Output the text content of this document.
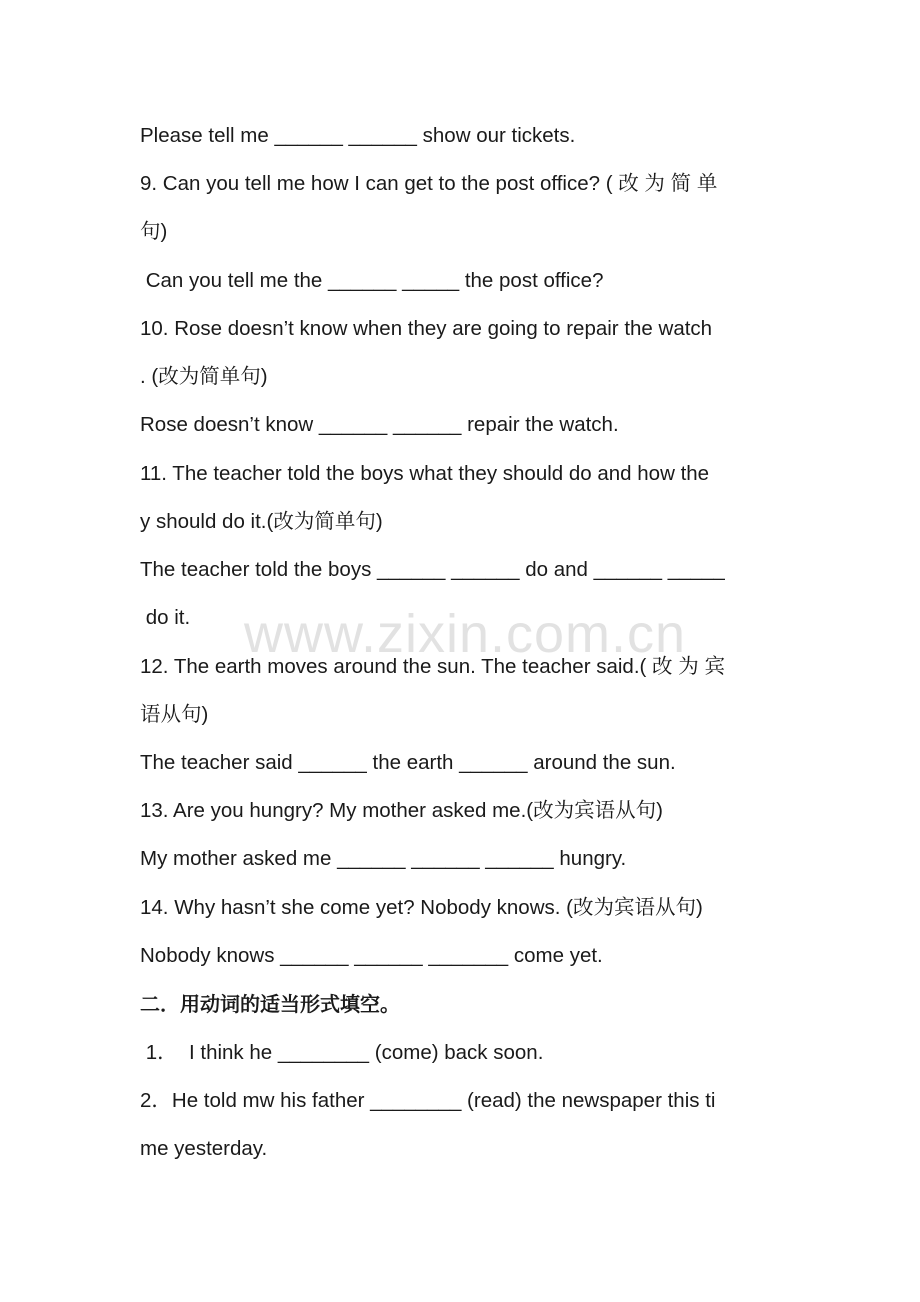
Please tell me ______ ______ show our tickets.
9. Can you tell me how I can get to the post office? ( 改 为 简 单
句)
Can you tell me the ______ _____ the post office?
10. Rose doesn’t know when they are going to repair the watch
. (改为简单句)
Rose doesn’t know ______ ______ repair the watch.
11. The teacher told the boys what they should do and how the
y should do it.(改为简单句)
The teacher told the boys ______ ______ do and ______ _____
do it.
12. The earth moves around the sun. The teacher said.( 改 为 宾
语从句)
The teacher said ______ the earth ______ around the sun.
13. Are you hungry? My mother asked me.(改为宾语从句)
My mother asked me ______ ______ ______ hungry.
14. Why hasn’t she come yet? Nobody knows. (改为宾语从句)
Nobody knows ______ ______ _______ come yet.
二．用动词的适当形式填空。
1．  I think he ________ (come) back soon.
2．He told mw his father ________ (read) the newspaper this ti
me yesterday.
www.zixin.com.cn
